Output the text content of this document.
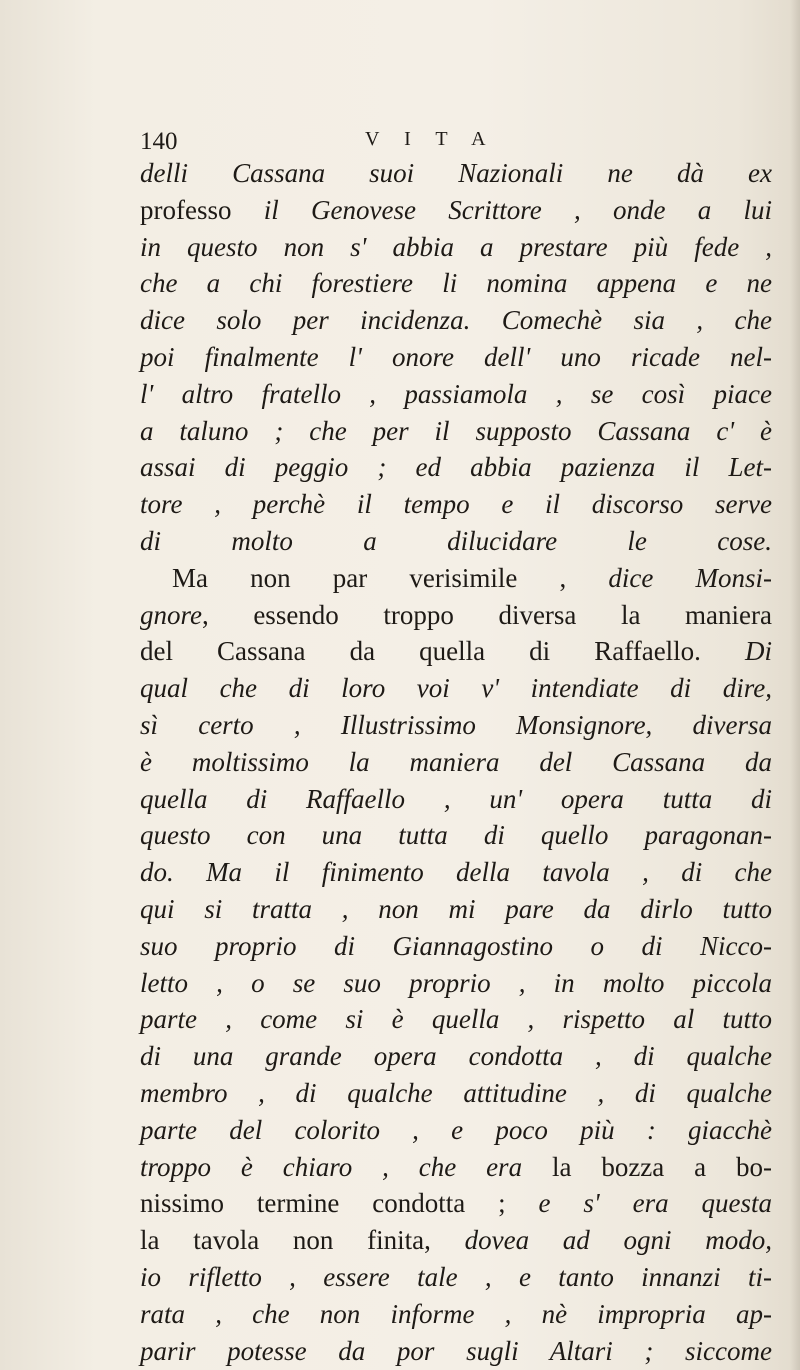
140	V I T A
delli Cassana suoi Nazionali ne dà ex
professo il Genovese Scrittore , onde a lui
in questo non s' abbia a prestare più fede ,
che a chi forestiere li nomina appena e ne
dice solo per incidenza. Comechè sia , che
poi finalmente l' onore dell' uno ricade nel-
l' altro fratello , passiamola , se così piace
a taluno ; che per il supposto Cassana c' è
assai di peggio ; ed abbia pazienza il Let-
tore , perchè il tempo e il discorso serve
di molto a dilucidare le cose.
Ma non par verisimile , dice Monsi-
gnore, essendo troppo diversa la maniera
del Cassana da quella di Raffaello. Di
qual che di loro voi v' intendiate di dire,
sì certo , Illustrissimo Monsignore, diversa
è moltissimo la maniera del Cassana da
quella di Raffaello , un' opera tutta di
questo con una tutta di quello paragonan-
do. Ma il finimento della tavola , di che
qui si tratta , non mi pare da dirlo tutto
suo proprio di Giannagostino o di Nicco-
letto , o se suo proprio , in molto piccola
parte , come si è quella , rispetto al tutto
di una grande opera condotta , di qualche
membro , di qualche attitudine , di qualche
parte del colorito , e poco più : giacchè
troppo è chiaro , che era la bozza a bo-
nissimo termine condotta ; e s' era questa
la tavola non finita, dovea ad ogni modo,
io rifletto , essere tale , e tanto innanzi ti-
rata , che non informe , nè impropria ap-
parir potesse da por sugli Altari ; siccome
